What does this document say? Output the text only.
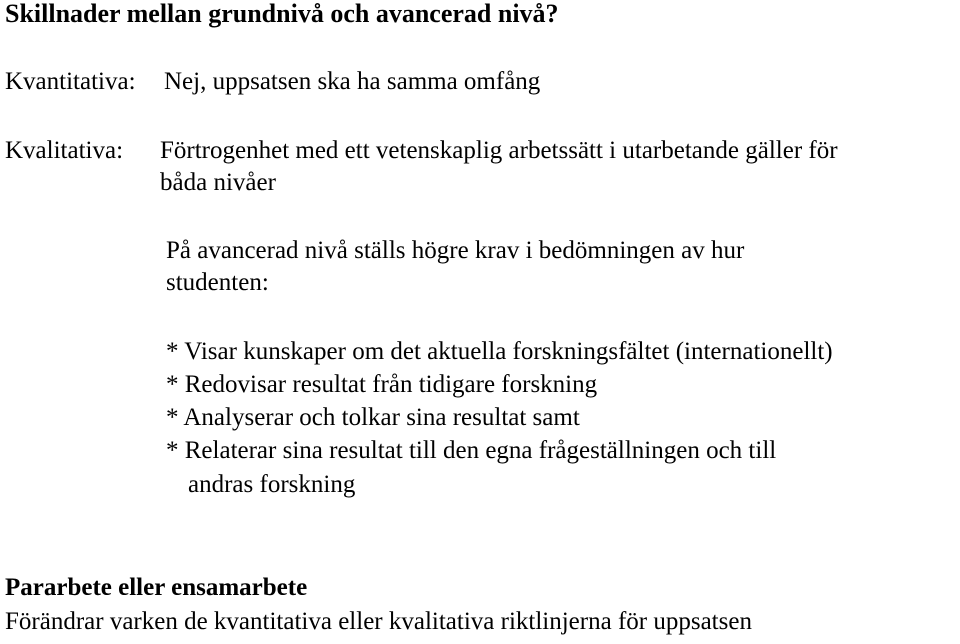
Skillnader mellan grundnivå och avancerad nivå?
Kvantitativa: Nej, uppsatsen ska ha samma omfång
Kvalitativa: Förtrogenhet med ett vetenskaplig arbetssätt i utarbetande gäller för
båda nivåer
På avancerad nivå ställs högre krav i bedömningen av hur
studenten:
* Visar kunskaper om det aktuella forskningsfältet (internationellt)
* Redovisar resultat från tidigare forskning
* Analyserar och tolkar sina resultat samt
* Relaterar sina resultat till den egna frågeställningen och till
andras forskning
Pararbete eller ensamarbete
Förändrar varken de kvantitativa eller kvalitativa riktlinjerna för uppsatsen
